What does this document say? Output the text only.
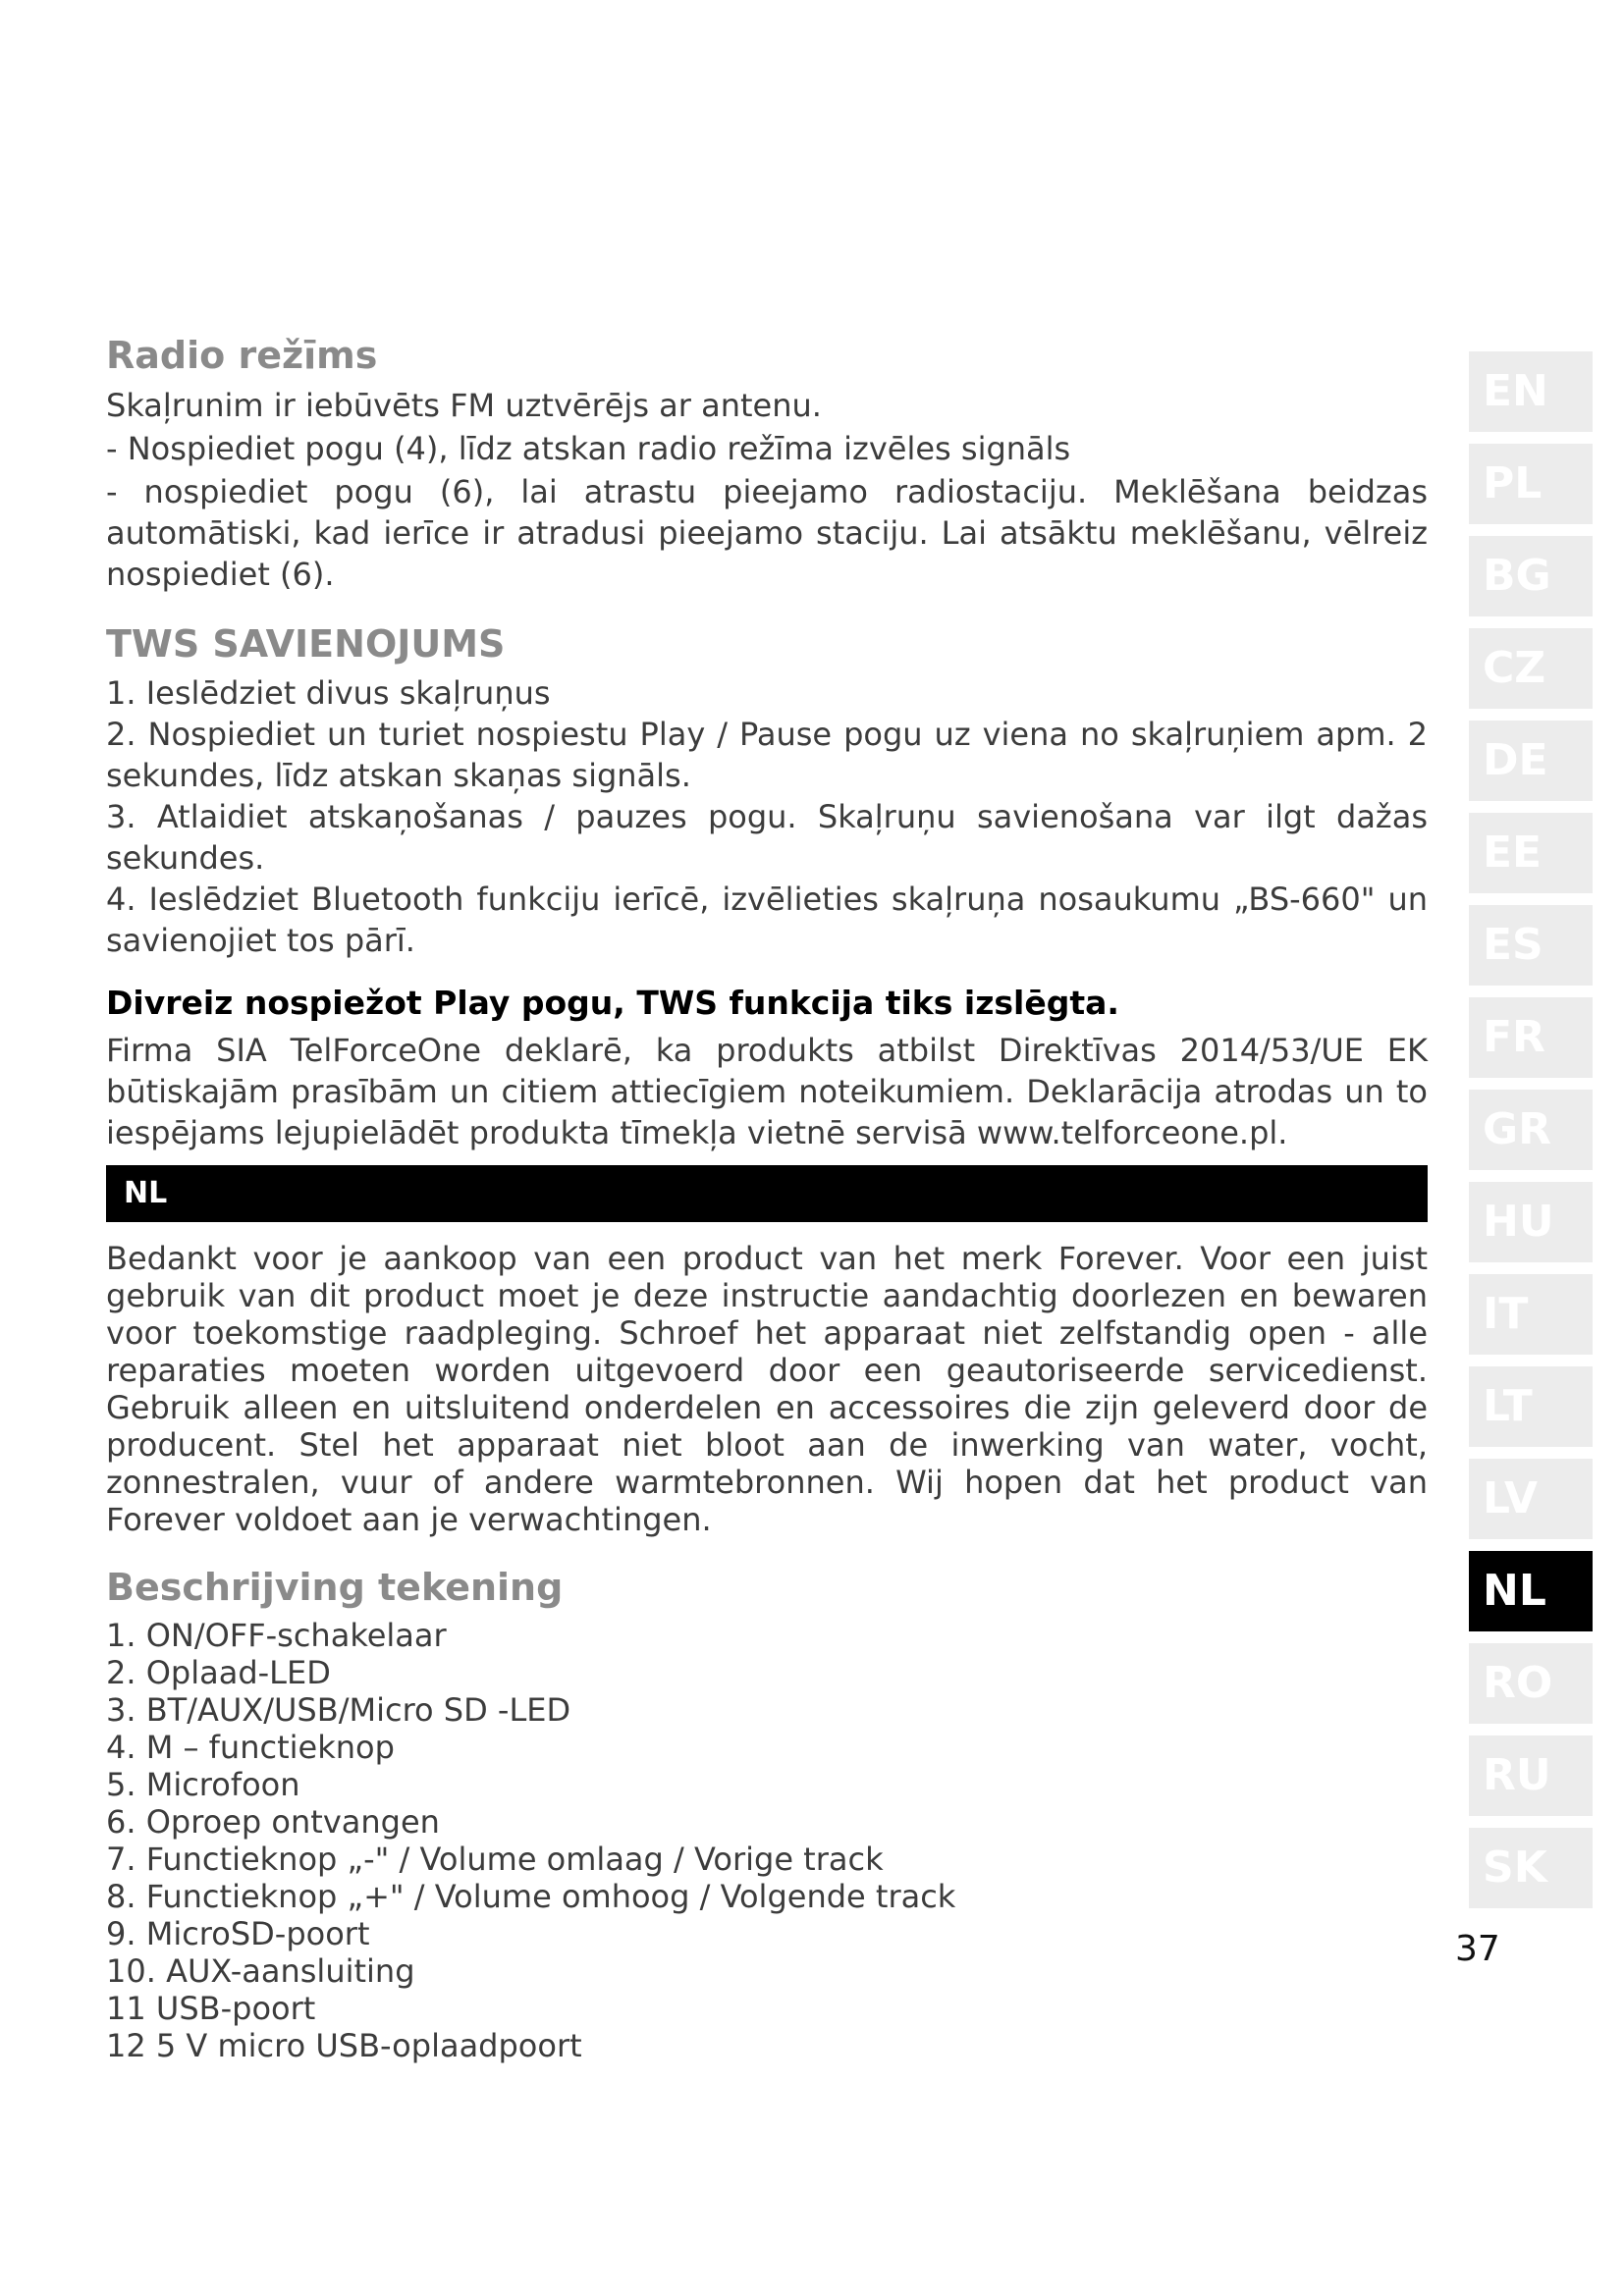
Radio režīms

Skaļrunim ir iebūvēts FM uztvērējs ar antenu.

- Nospiediet pogu (4), līdz atskan radio režīma izvēles signāls

- nospiediet pogu (6), lai atrastu pieejamo radiostaciju. Meklēšana beidzas automātiski, kad ierīce ir atradusi pieejamo staciju. Lai atsāktu meklēšanu, vēlreiz nospiediet (6).

TWS SAVIENOJUMS

1. Ieslēdziet divus skaļruņus

2. Nospiediet un turiet nospiestu Play / Pause pogu uz viena no skaļruņiem apm. 2 sekundes, līdz atskan skaņas signāls.

3. Atlaidiet atskaņošanas / pauzes pogu. Skaļruņu savienošana var ilgt dažas sekundes.

4. Ieslēdziet Bluetooth funkciju ierīcē, izvēlieties skaļruņa nosaukumu „BS-660" un savienojiet tos pārī.

Divreiz nospiežot Play pogu, TWS funkcija tiks izslēgta.

Firma SIA TelForceOne deklarē, ka produkts atbilst Direktīvas 2014/53/UE EK būtiskajām prasībām un citiem attiecīgiem noteikumiem. Deklarācija atrodas un to iespējams lejupielādēt produkta tīmekļa vietnē servisā www.telforceone.pl.

NL

Bedankt voor je aankoop van een product van het merk Forever. Voor een juist gebruik van dit product moet je deze instructie aandachtig doorlezen en bewaren voor toekomstige raadpleging. Schroef het apparaat niet zelfstandig open - alle reparaties moeten worden uitgevoerd door een geautoriseerde servicedienst. Gebruik alleen en uitsluitend onderdelen en accessoires die zijn geleverd door de producent. Stel het apparaat niet bloot aan de inwerking van water, vocht, zonnestralen, vuur of andere warmtebronnen. Wij hopen dat het product van Forever voldoet aan je verwachtingen.

Beschrijving tekening

1. ON/OFF-schakelaar

2. Oplaad-LED

3. BT/AUX/USB/Micro SD -LED

4. M – functieknop

5. Microfoon

6. Oproep ontvangen

7. Functieknop „-" / Volume omlaag / Vorige track

8. Functieknop „+" / Volume omhoog / Volgende track

9. MicroSD-poort

10. AUX-aansluiting

11 USB-poort

12 5 V micro USB-oplaadpoort

EN
PL
BG
CZ
DE
EE
ES
FR
GR
HU
IT
LT
LV
NL
RO
RU
SK
37
